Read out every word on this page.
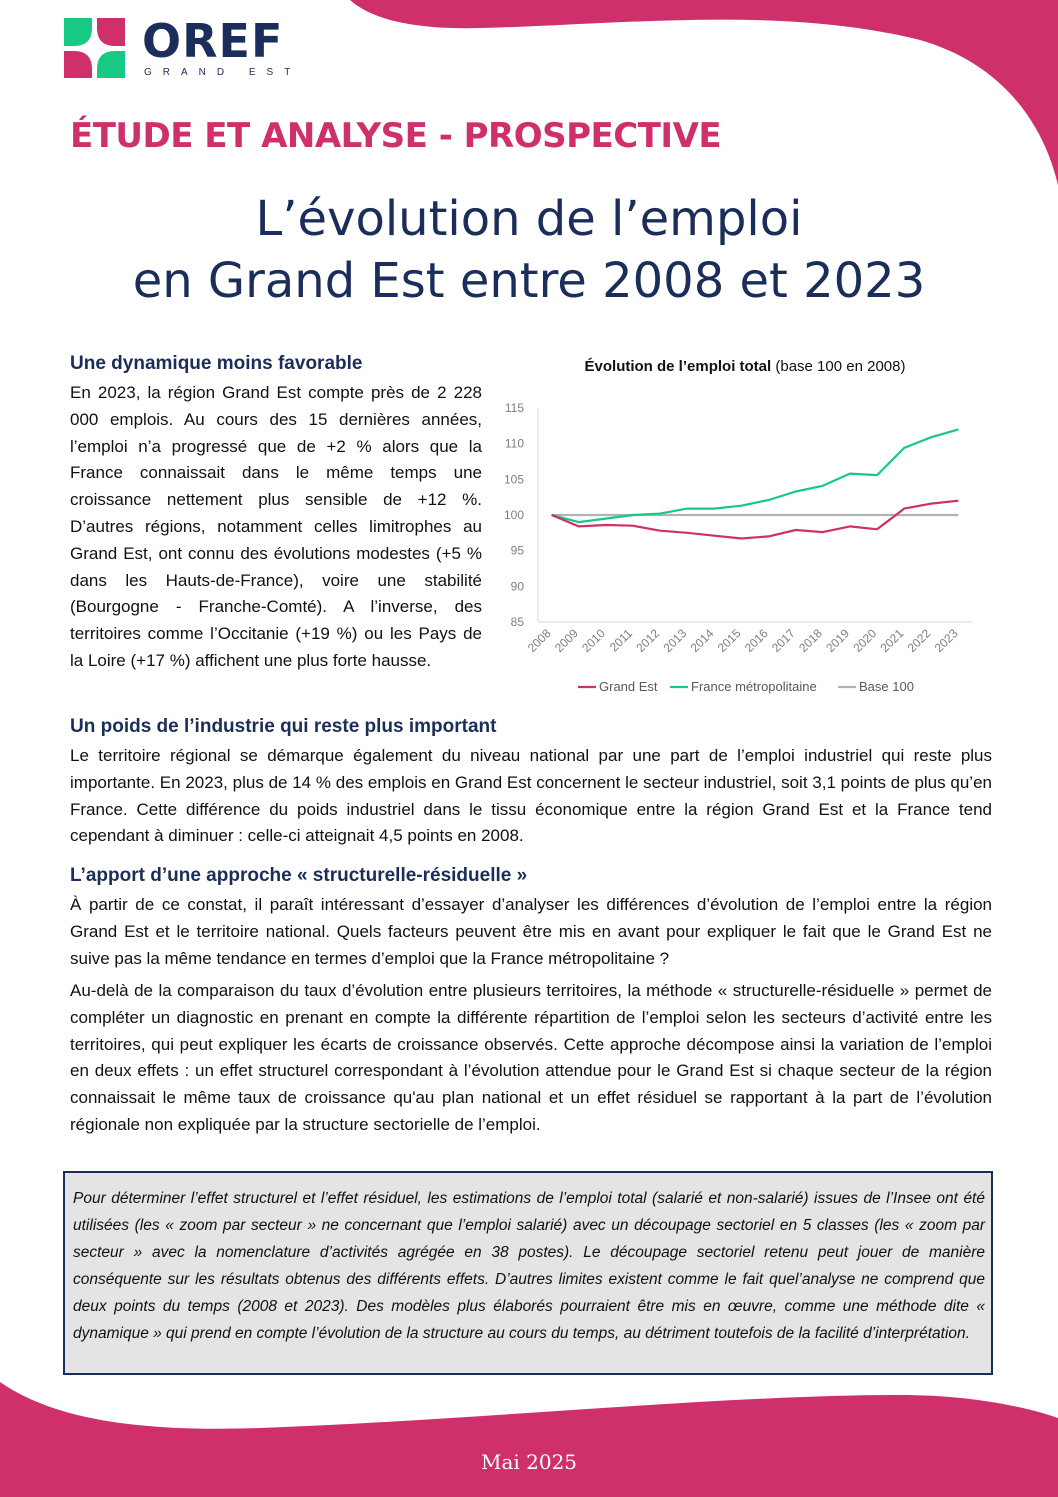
OREF
GRAND EST
ÉTUDE ET ANALYSE - PROSPECTIVE
L’évolution de l’emploi
en Grand Est entre 2008 et 2023
Une dynamique moins favorable

En 2023, la région Grand Est compte près de 2 228 000 emplois. Au cours des 15 dernières années, l’emploi n’a progressé que de +2 % alors que la France connaissait dans le même temps une croissance nettement plus sensible de +12 %. D’autres régions, notamment celles limitrophes au Grand Est, ont connu des évolutions modestes (+5 % dans les Hauts-de-France), voire une stabilité (Bourgogne - Franche-Comté). A l’inverse, des territoires comme l’Occitanie (+19 %) ou les Pays de la Loire (+17 %) affichent une plus forte hausse.

Évolution de l’emploi total (base 100 en 2008)
85
90
95
100
105
110
115
2008
2009
2010
2011
2012
2013
2014
2015
2016
2017
2018
2019
2020
2021
2022
2023
Grand Est	France métropolitaine	Base 100
Un poids de l’industrie qui reste plus important

Le territoire régional se démarque également du niveau national par une part de l’emploi industriel qui reste plus importante. En 2023, plus de 14 % des emplois en Grand Est concernent le secteur industriel, soit 3,1 points de plus qu’en France. Cette différence du poids industriel dans le tissu économique entre la région Grand Est et la France tend cependant à diminuer : celle-ci atteignait 4,5 points en 2008.

L’apport d’une approche « structurelle-résiduelle »

À partir de ce constat, il paraît intéressant d’essayer d’analyser les différences d’évolution de l’emploi entre la région Grand Est et le territoire national. Quels facteurs peuvent être mis en avant pour expliquer le fait que le Grand Est ne suive pas la même tendance en termes d’emploi que la France métropolitaine ?

Au-delà de la comparaison du taux d’évolution entre plusieurs territoires, la méthode « structurelle-résiduelle » permet de compléter un diagnostic en prenant en compte la différente répartition de l’emploi selon les secteurs d’activité entre les territoires, qui peut expliquer les écarts de croissance observés. Cette approche décompose ainsi la variation de l’emploi en deux effets : un effet structurel correspondant à l’évolution attendue pour le Grand Est si chaque secteur de la région connaissait le même taux de croissance qu'au plan national et un effet résiduel se rapportant à la part de l’évolution régionale non expliquée par la structure sectorielle de l’emploi.

Pour déterminer l’effet structurel et l’effet résiduel, les estimations de l’emploi total (salarié et non-salarié) issues de l’Insee ont été utilisées (les « zoom par secteur » ne concernant que l’emploi salarié) avec un découpage sectoriel en 5 classes (les « zoom par secteur » avec la nomenclature d’activités agrégée en 38 postes). Le découpage sectoriel retenu peut jouer de manière conséquente sur les résultats obtenus des différents effets. D’autres limites existent comme le fait quel’analyse ne comprend que deux points du temps (2008 et 2023). Des modèles plus élaborés pourraient être mis en œuvre, comme une méthode dite « dynamique » qui prend en compte l’évolution de la structure au cours du temps, au détriment toutefois de la facilité d’interprétation.
Mai 2025
